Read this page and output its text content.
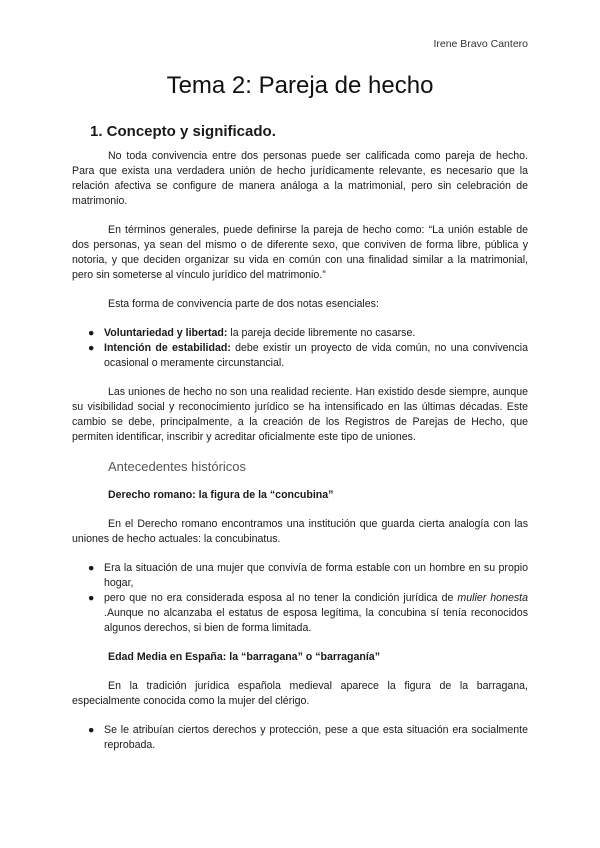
Irene Bravo Cantero
Tema 2: Pareja de hecho
1. Concepto y significado.

No toda convivencia entre dos personas puede ser calificada como pareja de hecho. Para que exista una verdadera unión de hecho jurídicamente relevante, es necesario que la relación afectiva se configure de manera análoga a la matrimonial, pero sin celebración de matrimonio.

En términos generales, puede definirse la pareja de hecho como: “La unión estable de dos personas, ya sean del mismo o de diferente sexo, que conviven de forma libre, pública y notoria, y que deciden organizar su vida en común con una finalidad similar a la matrimonial, pero sin someterse al vínculo jurídico del matrimonio.”

Esta forma de convivencia parte de dos notas esenciales:

● Voluntariedad y libertad: la pareja decide libremente no casarse.
● Intención de estabilidad: debe existir un proyecto de vida común, no una convivencia ocasional o meramente circunstancial.

Las uniones de hecho no son una realidad reciente. Han existido desde siempre, aunque su visibilidad social y reconocimiento jurídico se ha intensificado en las últimas décadas. Este cambio se debe, principalmente, a la creación de los Registros de Parejas de Hecho, que permiten identificar, inscribir y acreditar oficialmente este tipo de uniones.

Antecedentes históricos
Derecho romano: la figura de la “concubina”

En el Derecho romano encontramos una institución que guarda cierta analogía con las uniones de hecho actuales: la concubinatus.

● Era la situación de una mujer que convivía de forma estable con un hombre en su propio hogar,
● pero que no era considerada esposa al no tener la condición jurídica de mulier honesta .Aunque no alcanzaba el estatus de esposa legítima, la concubina sí tenía reconocidos algunos derechos, si bien de forma limitada.
Edad Media en España: la “barragana” o “barraganía”

En la tradición jurídica española medieval aparece la figura de la barragana, especialmente conocida como la mujer del clérigo.

● Se le atribuían ciertos derechos y protección, pese a que esta situación era socialmente reprobada.
